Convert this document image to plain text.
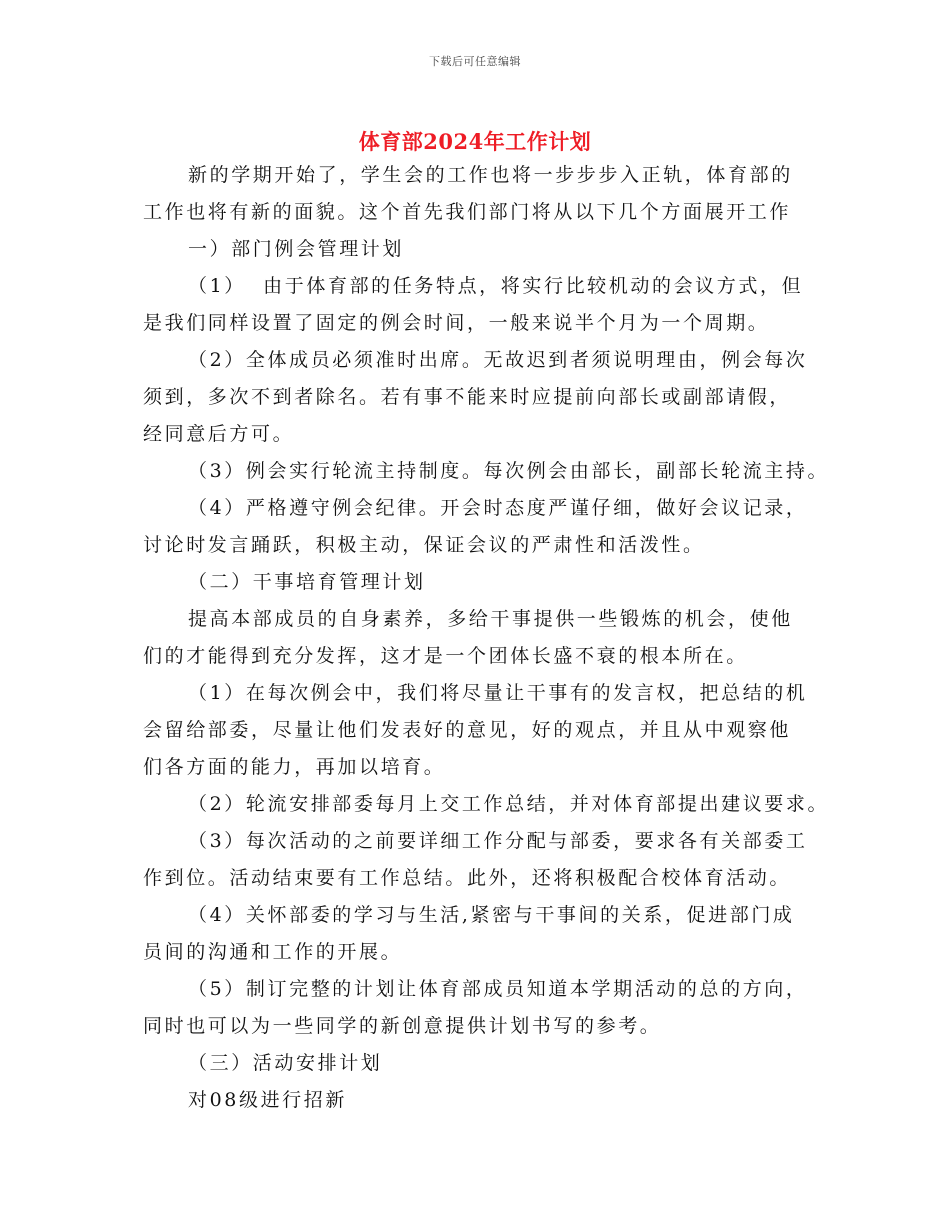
下载后可任意编辑
体育部2024年工作计划
新的学期开始了，学生会的工作也将一步步步入正轨，体育部的
工作也将有新的面貌。这个首先我们部门将从以下几个方面展开工作
一）部门例会管理计划
（1）  由于体育部的任务特点，将实行比较机动的会议方式，但
是我们同样设置了固定的例会时间，一般来说半个月为一个周期。
（2）全体成员必须准时出席。无故迟到者须说明理由，例会每次
须到，多次不到者除名。若有事不能来时应提前向部长或副部请假，
经同意后方可。
（3）例会实行轮流主持制度。每次例会由部长，副部长轮流主持。
（4）严格遵守例会纪律。开会时态度严谨仔细，做好会议记录，
讨论时发言踊跃，积极主动，保证会议的严肃性和活泼性。
（二）干事培育管理计划
提高本部成员的自身素养，多给干事提供一些锻炼的机会，使他
们的才能得到充分发挥，这才是一个团体长盛不衰的根本所在。
（1）在每次例会中，我们将尽量让干事有的发言权，把总结的机
会留给部委，尽量让他们发表好的意见，好的观点，并且从中观察他
们各方面的能力，再加以培育。
（2）轮流安排部委每月上交工作总结，并对体育部提出建议要求。
（3）每次活动的之前要详细工作分配与部委，要求各有关部委工
作到位。活动结束要有工作总结。此外，还将积极配合校体育活动。
（4）关怀部委的学习与生活,紧密与干事间的关系，促进部门成
员间的沟通和工作的开展。
（5）制订完整的计划让体育部成员知道本学期活动的总的方向，
同时也可以为一些同学的新创意提供计划书写的参考。
（三）活动安排计划
对08级进行招新
